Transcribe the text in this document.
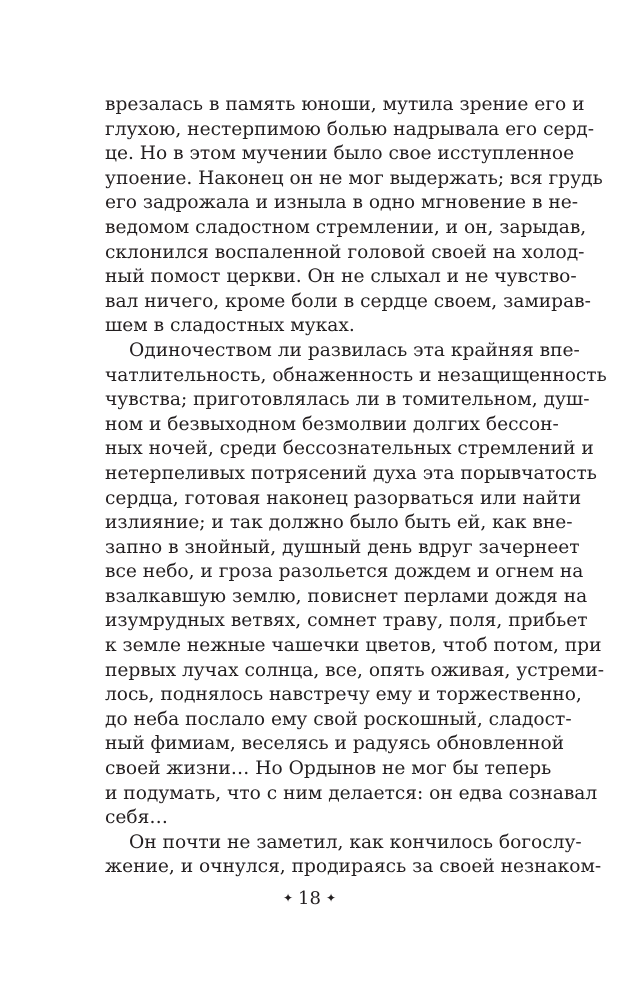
врезалась в память юноши, мутила зрение его и
глухою, нестерпимою болью надрывала его серд-
це. Но в этом мучении было свое исступленное
упоение. Наконец он не мог выдержать; вся грудь
его задрожала и изныла в одно мгновение в не-
ведомом сладостном стремлении, и он, зарыдав,
склонился воспаленной головой своей на холод-
ный помост церкви. Он не слыхал и не чувство-
вал ничего, кроме боли в сердце своем, замирав-
шем в сладостных муках.
Одиночеством ли развилась эта крайняя впе-
чатлительность, обнаженность и незащищенность
чувства; приготовлялась ли в томительном, душ-
ном и безвыходном безмолвии долгих бессон-
ных ночей, среди бессознательных стремлений и
нетерпеливых потрясений духа эта порывчатость
сердца, готовая наконец разорваться или найти
излияние; и так должно было быть ей, как вне-
запно в знойный, душный день вдруг зачернеет
все небо, и гроза разольется дождем и огнем на
взалкавшую землю, повиснет перлами дождя на
изумрудных ветвях, сомнет траву, поля, прибьет
к земле нежные чашечки цветов, чтоб потом, при
первых лучах солнца, все, опять оживая, устреми-
лось, поднялось навстречу ему и торжественно,
до неба послало ему свой роскошный, сладост-
ный фимиам, веселясь и радуясь обновленной
своей жизни… Но Ордынов не мог бы теперь
и подумать, что с ним делается: он едва сознавал
себя…
Он почти не заметил, как кончилось богослу-
жение, и очнулся, продираясь за своей незнаком-
✦ 18 ✦
